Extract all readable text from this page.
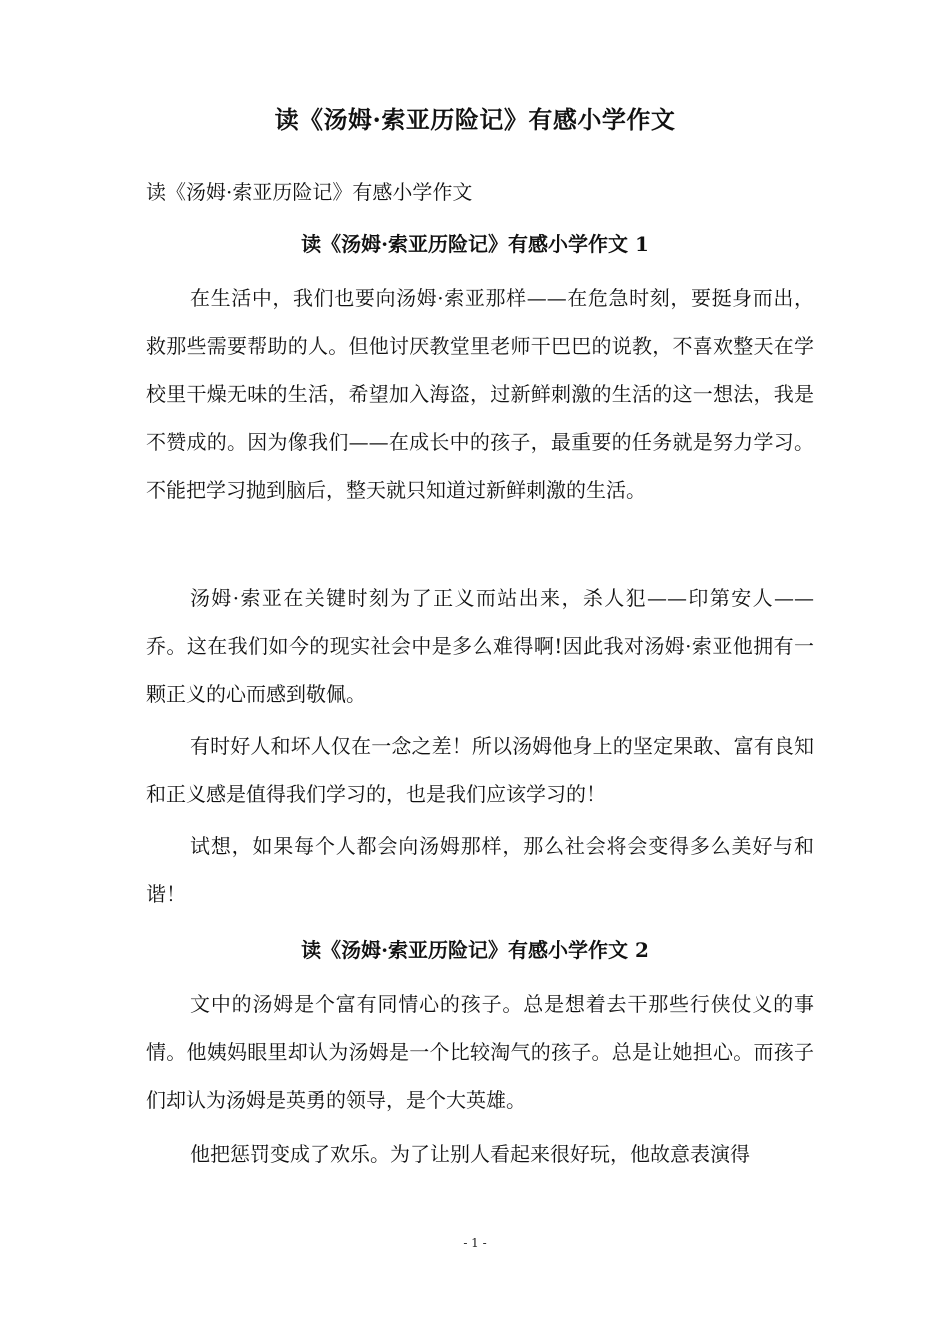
读《汤姆·索亚历险记》有感小学作文
读《汤姆·索亚历险记》有感小学作文
读《汤姆·索亚历险记》有感小学作文 1

在生活中，我们也要向汤姆·索亚那样——在危急时刻，要挺身而出，救那些需要帮助的人。但他讨厌教堂里老师干巴巴的说教，不喜欢整天在学校里干燥无味的生活，希望加入海盗，过新鲜刺激的生活的这一想法，我是不赞成的。因为像我们——在成长中的孩子，最重要的任务就是努力学习。不能把学习抛到脑后，整天就只知道过新鲜刺激的生活。

汤姆·索亚在关键时刻为了正义而站出来，杀人犯——印第安人——乔。这在我们如今的现实社会中是多么难得啊!因此我对汤姆·索亚他拥有一颗正义的心而感到敬佩。

有时好人和坏人仅在一念之差！所以汤姆他身上的坚定果敢、富有良知和正义感是值得我们学习的，也是我们应该学习的！

试想，如果每个人都会向汤姆那样，那么社会将会变得多么美好与和谐！

读《汤姆·索亚历险记》有感小学作文 2

文中的汤姆是个富有同情心的孩子。总是想着去干那些行侠仗义的事情。他姨妈眼里却认为汤姆是一个比较淘气的孩子。总是让她担心。而孩子们却认为汤姆是英勇的领导，是个大英雄。

他把惩罚变成了欢乐。为了让别人看起来很好玩，他故意表演得

- 1 -
